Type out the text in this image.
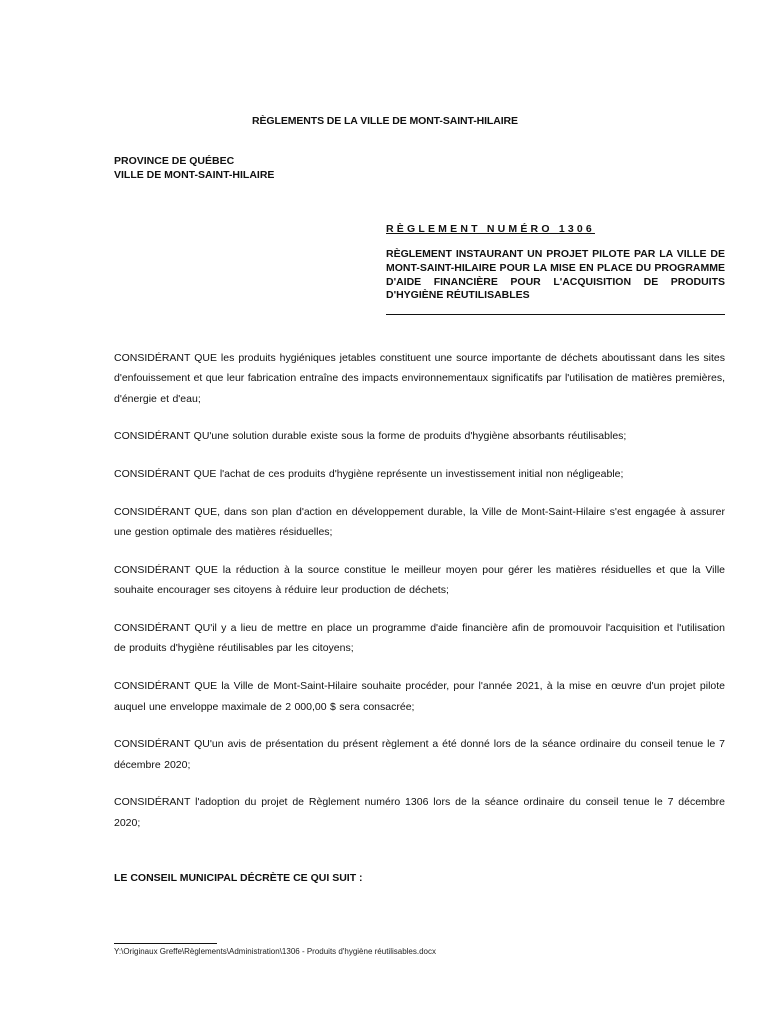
RÈGLEMENTS DE LA VILLE DE MONT-SAINT-HILAIRE
PROVINCE DE QUÉBEC
VILLE DE MONT-SAINT-HILAIRE
RÈGLEMENT NUMÉRO 1306
RÈGLEMENT INSTAURANT UN PROJET PILOTE PAR LA VILLE DE MONT-SAINT-HILAIRE POUR LA MISE EN PLACE DU PROGRAMME D'AIDE FINANCIÈRE POUR L'ACQUISITION DE PRODUITS D'HYGIÈNE RÉUTILISABLES

CONSIDÉRANT QUE les produits hygiéniques jetables constituent une source importante de déchets aboutissant dans les sites d'enfouissement et que leur fabrication entraîne des impacts environnementaux significatifs par l'utilisation de matières premières, d'énergie et d'eau;

CONSIDÉRANT QU'une solution durable existe sous la forme de produits d'hygiène absorbants réutilisables;

CONSIDÉRANT QUE l'achat de ces produits d'hygiène représente un investissement initial non négligeable;

CONSIDÉRANT QUE, dans son plan d'action en développement durable, la Ville de Mont-Saint-Hilaire s'est engagée à assurer une gestion optimale des matières résiduelles;

CONSIDÉRANT QUE la réduction à la source constitue le meilleur moyen pour gérer les matières résiduelles et que la Ville souhaite encourager ses citoyens à réduire leur production de déchets;

CONSIDÉRANT QU'il y a lieu de mettre en place un programme d'aide financière afin de promouvoir l'acquisition et l'utilisation de produits d'hygiène réutilisables par les citoyens;

CONSIDÉRANT QUE la Ville de Mont-Saint-Hilaire souhaite procéder, pour l'année 2021, à la mise en œuvre d'un projet pilote auquel une enveloppe maximale de 2 000,00 $ sera consacrée;

CONSIDÉRANT QU'un avis de présentation du présent règlement a été donné lors de la séance ordinaire du conseil tenue le 7 décembre 2020;

CONSIDÉRANT l'adoption du projet de Règlement numéro 1306 lors de la séance ordinaire du conseil tenue le 7 décembre 2020;

LE CONSEIL MUNICIPAL DÉCRÈTE CE QUI SUIT :
Y:\Originaux Greffe\Règlements\Administration\1306 - Produits d'hygiène réutilisables.docx
